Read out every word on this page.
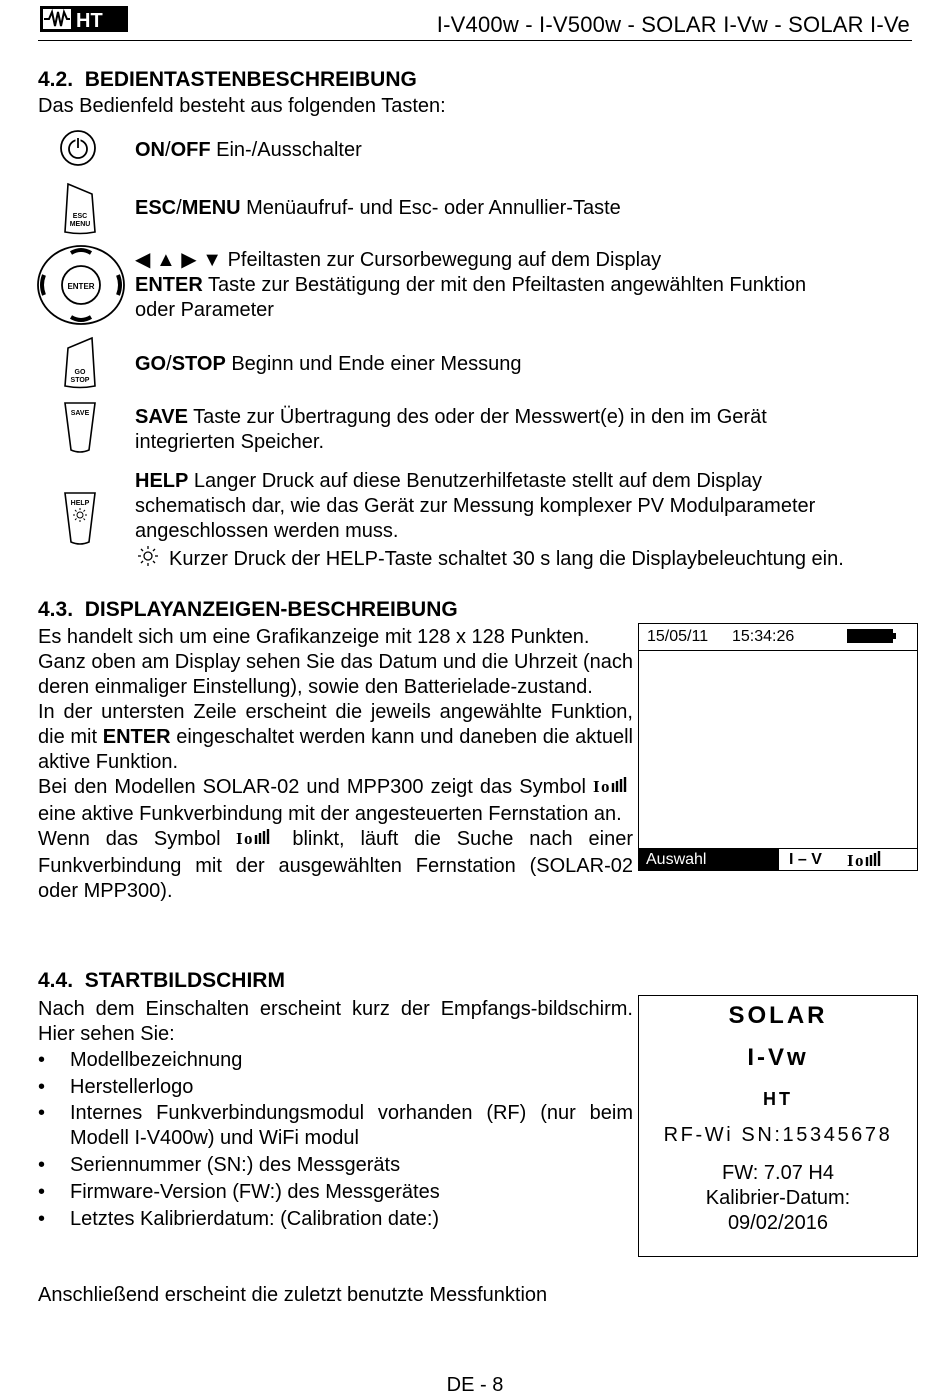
HT	I-V400w - I-V500w - SOLAR I-Vw - SOLAR I-Ve
4.2. BEDIENTASTENBESCHREIBUNG
Das Bedienfeld besteht aus folgenden Tasten:
ON/OFF Ein-/Ausschalter
ESC
MENU
ESC/MENU Menüaufruf- und Esc- oder Annullier-Taste
ENTER
◀ ▲ ▶ ▼ Pfeiltasten zur Cursorbewegung auf dem Display
ENTER Taste zur Bestätigung der mit den Pfeiltasten angewählten Funktion
oder Parameter
GO
STOP
GO/STOP Beginn und Ende einer Messung
SAVE SAVE Taste zur Übertragung des oder der Messwert(e) in den im Gerät
integrierten Speicher.
HELP
HELP Langer Druck auf diese Benutzerhilfetaste stellt auf dem Display
schematisch dar, wie das Gerät zur Messung komplexer PV Modulparameter
angeschlossen werden muss.
Kurzer Druck der HELP-Taste schaltet 30 s lang die Displaybeleuchtung ein.
4.3. DISPLAYANZEIGEN-BESCHREIBUNG
Es handelt sich um eine Grafikanzeige mit 128 x 128 Punkten.
Ganz oben am Display sehen Sie das Datum und die Uhrzeit (nach deren einmaliger Einstellung), sowie den Batterielade-zustand.
In der untersten Zeile erscheint die jeweils angewählte Funktion, die mit ENTER eingeschaltet werden kann und daneben die aktuell aktive Funktion.
Bei den Modellen SOLAR-02 und MPP300 zeigt das Symbol I o
eine aktive Funkverbindung mit der angesteuerten Fernstation an.
Wenn das Symbol I o blinkt, läuft die Suche nach einer Funkverbindung mit der ausgewählten Fernstation (SOLAR-02 oder MPP300).
15/05/11 15:34:26
Auswahl	I – V I o
4.4. STARTBILDSCHIRM
Nach dem Einschalten erscheint kurz der Empfangs-bildschirm. Hier sehen Sie:
• Modellbezeichnung
• Herstellerlogo
• Internes Funkverbindungsmodul vorhanden (RF) (nur beim Modell I-V400w) und WiFi modul
• Seriennummer (SN:) des Messgeräts
• Firmware-Version (FW:) des Messgerätes
• Letztes Kalibrierdatum: (Calibration date:)
SOLAR
I-Vw
HT
RF-Wi SN:15345678
FW: 7.07 H4
Kalibrier-Datum:
09/02/2016
Anschließend erscheint die zuletzt benutzte Messfunktion
DE - 8
